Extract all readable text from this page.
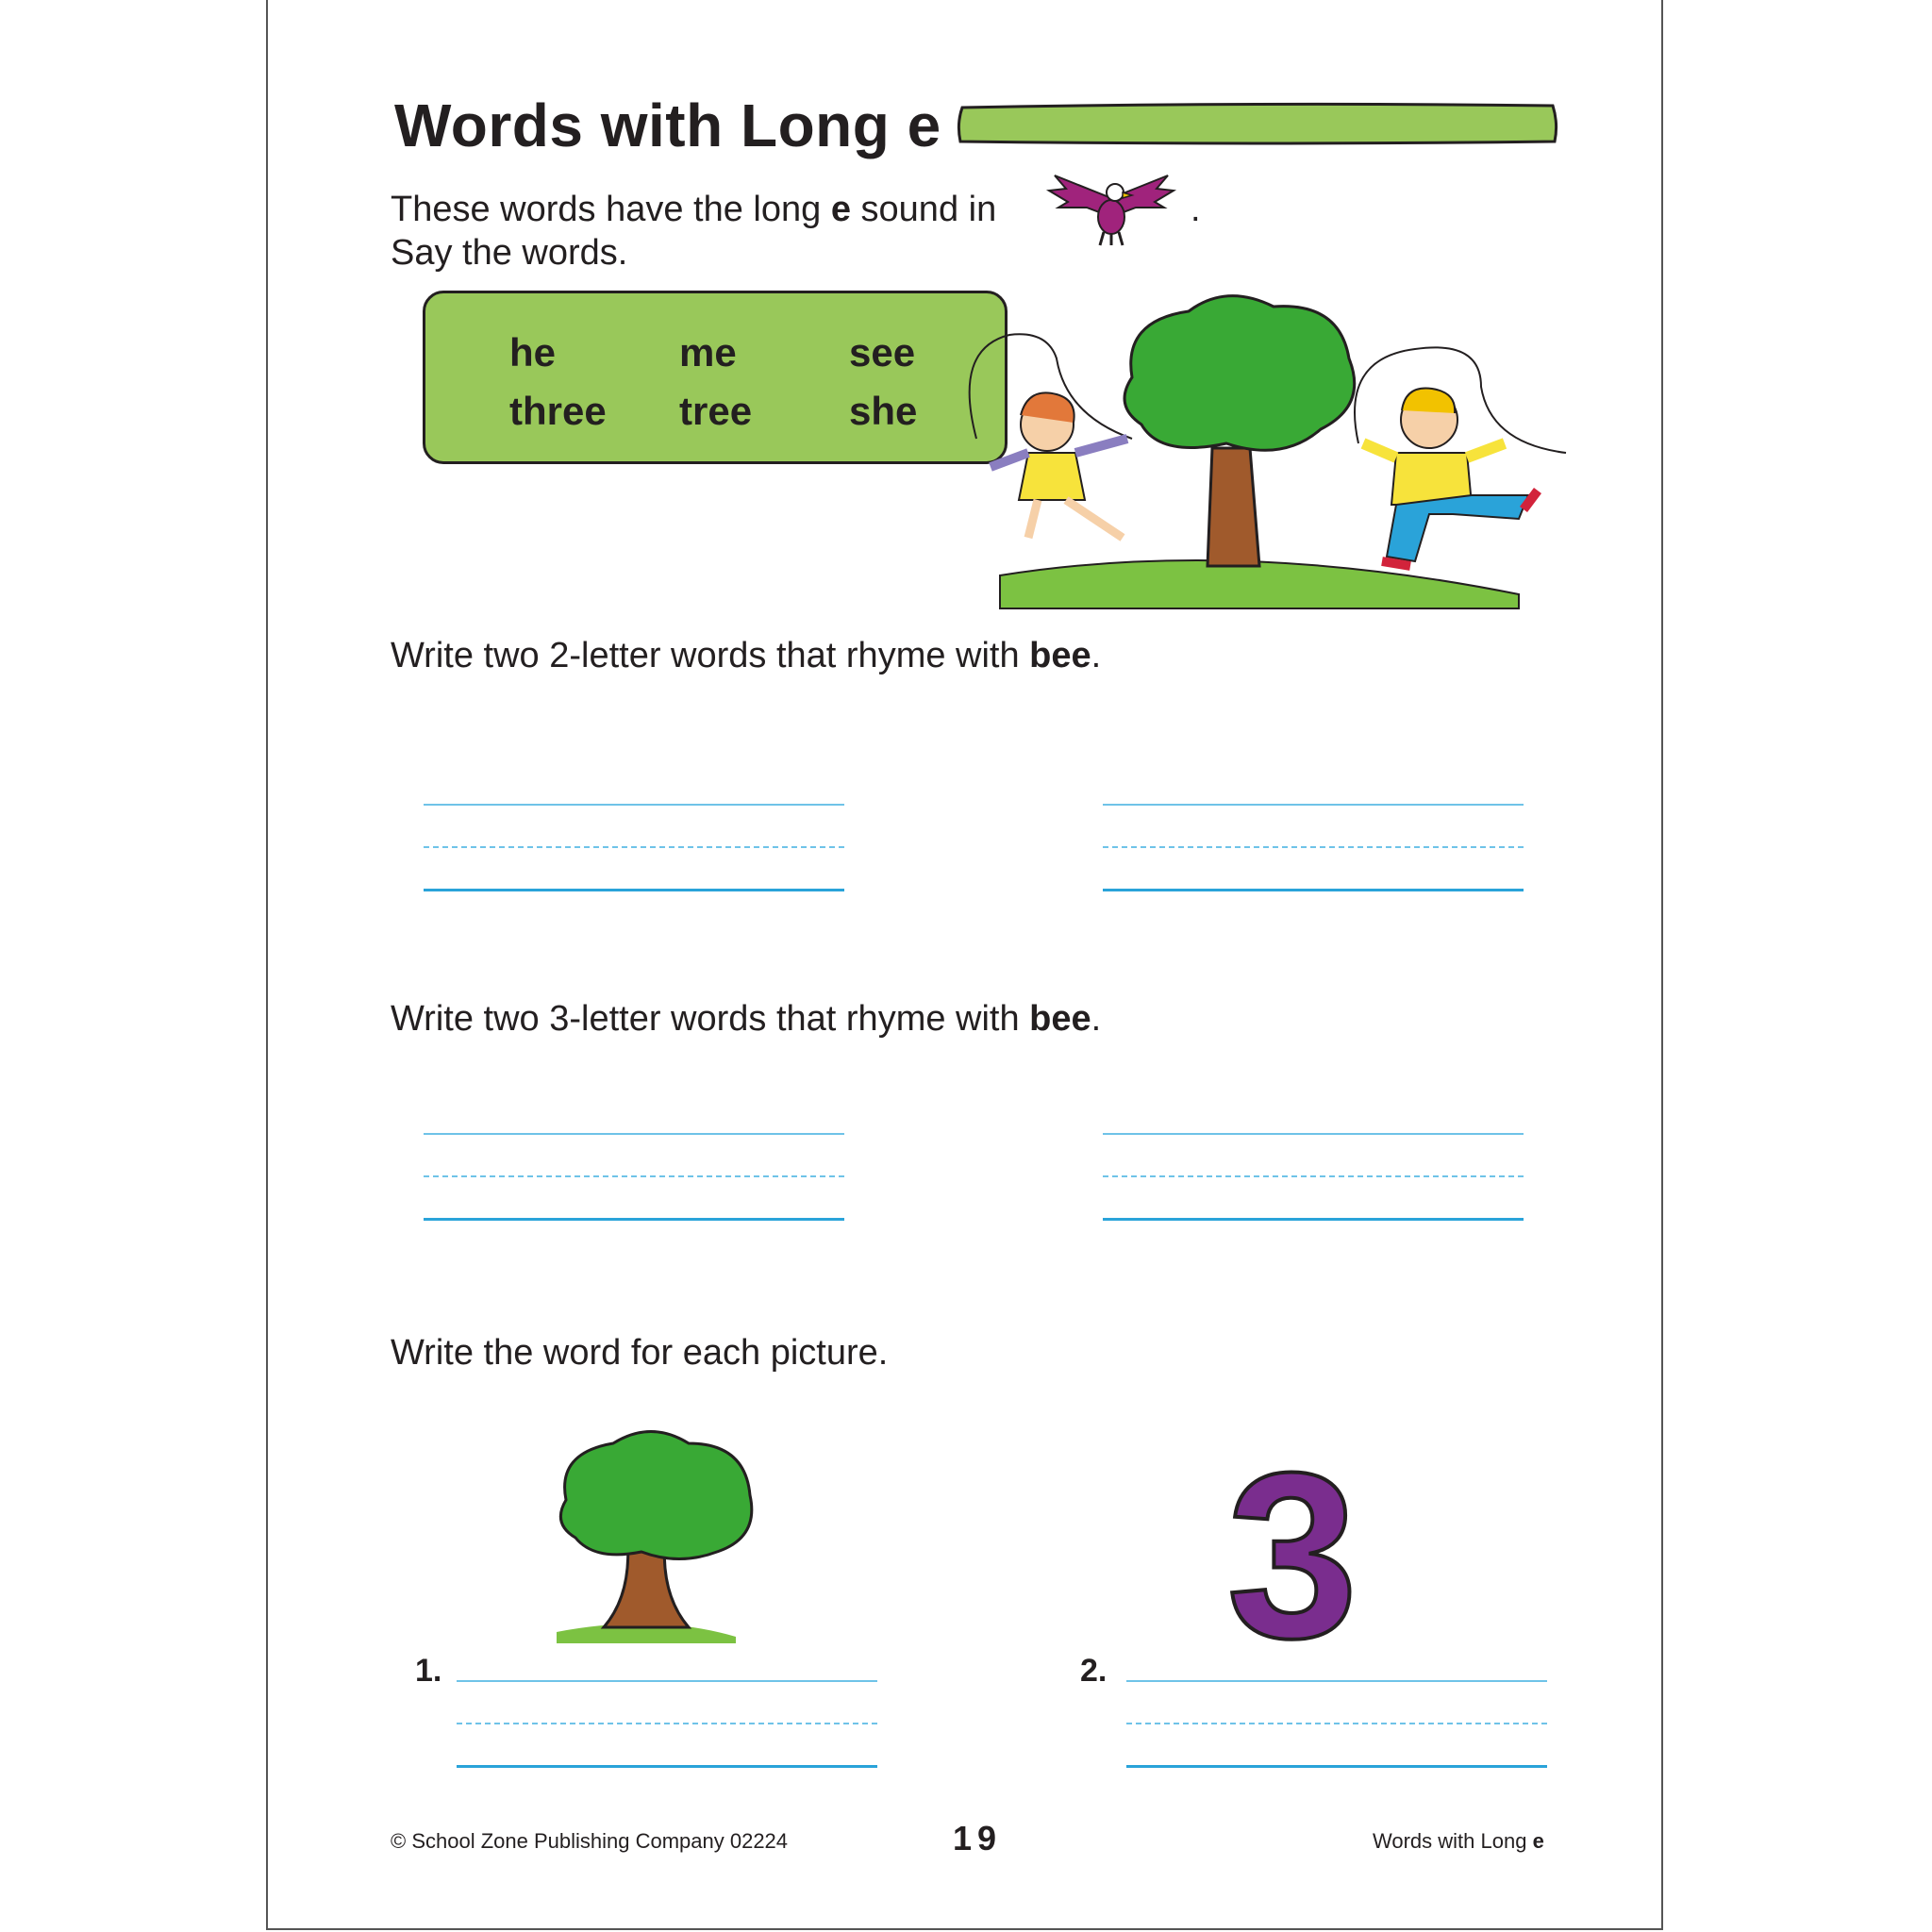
Words with Long e
These words have the long e sound in	.
Say the words.
he	me	see
three tree she
Write two 2-letter words that rhyme with bee.
Write two 3-letter words that rhyme with bee.
Write the word for each picture.
3
1.	2.
© School Zone Publishing Company 02224	19	Words with Long e
